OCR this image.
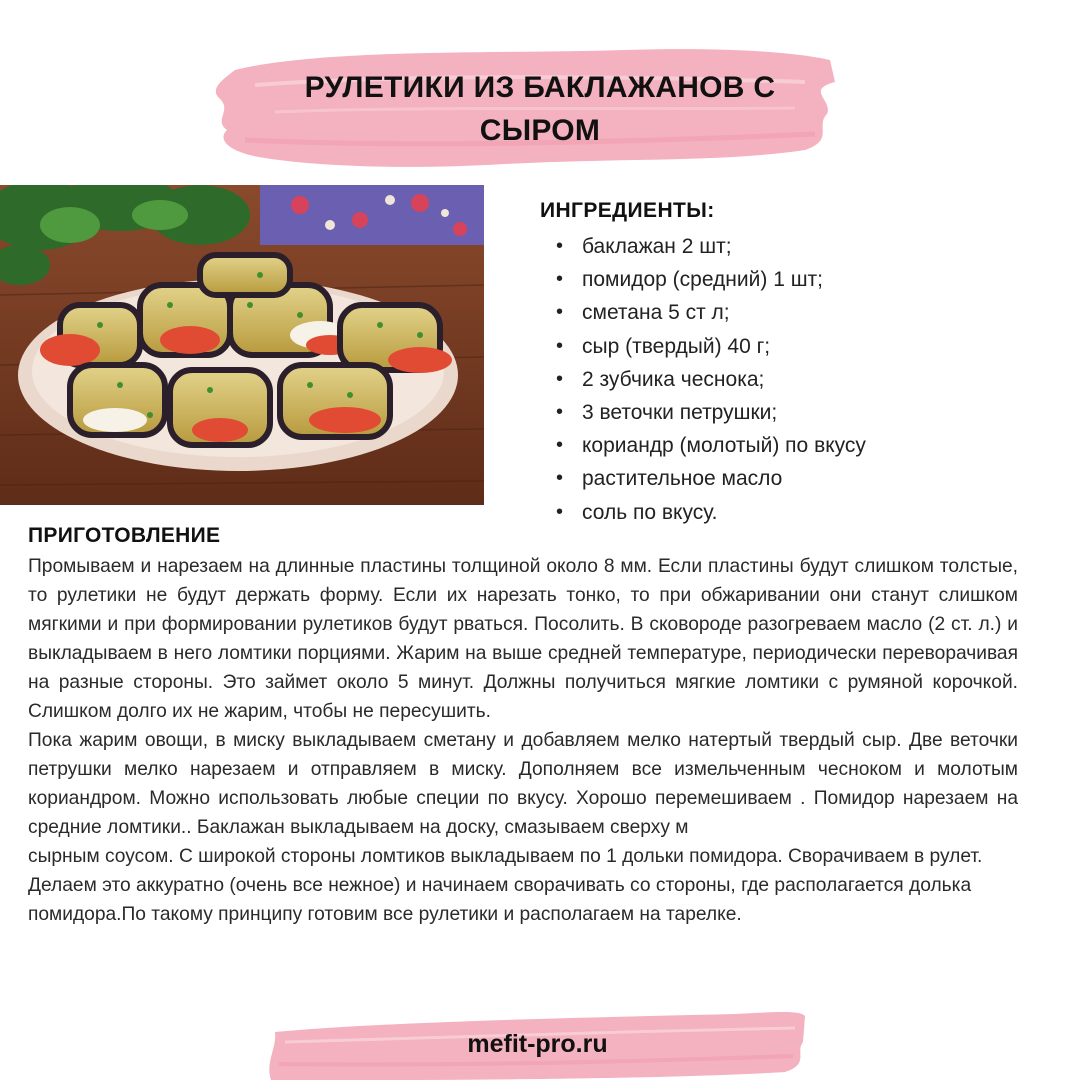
РУЛЕТИКИ ИЗ БАКЛАЖАНОВ С
СЫРОМ
ИНГРЕДИЕНТЫ:
• баклажан 2 шт;
• помидор (средний) 1 шт;
• сметана 5 ст л;
• сыр (твердый) 40 г;
• 2 зубчика чеснока;
• 3 веточки петрушки;
• кориандр (молотый) по вкусу
• растительное масло
• соль по вкусу.
ПРИГОТОВЛЕНИЕ

Промываем и нарезаем на длинные пластины толщиной около 8 мм. Если пластины будут слишком толстые, то рулетики не будут держать форму. Если их нарезать тонко, то при обжаривании они станут слишком мягкими и при формировании рулетиков будут рваться. Посолить. В сковороде разогреваем масло (2 ст. л.) и выкладываем в него ломтики порциями. Жарим на выше средней температуре, периодически переворачивая на разные стороны. Это займет около 5 минут. Должны получиться мягкие ломтики с румяной корочкой. Слишком долго их не жарим, чтобы не пересушить.

Пока жарим овощи, в миску выкладываем сметану и добавляем мелко натертый твердый сыр. Две веточки петрушки мелко нарезаем и отправляем в миску. Дополняем все измельченным чесноком и молотым кориандром. Можно использовать любые специи по вкусу. Хорошо перемешиваем . Помидор нарезаем на средние ломтики.. Баклажан выкладываем на доску, смазываем сверху м

сырным соусом. С широкой стороны ломтиков выкладываем по 1 дольки помидора. Сворачиваем в рулет. Делаем это аккуратно (очень все нежное) и начинаем сворачивать со стороны, где располагается долька помидора.По такому принципу готовим все рулетики и располагаем на тарелке.

mefit-pro.ru
